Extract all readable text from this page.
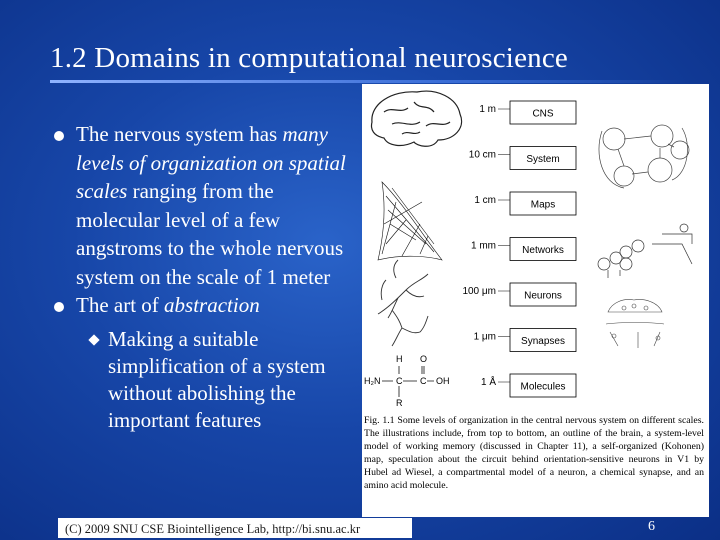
1.2 Domains in computational neuroscience
The nervous system has many levels of organization on spatial scales ranging from the molecular level of a few angstroms to the whole nervous system on the scale of 1 meter
The art of abstraction
Making a suitable simplification of a system without abolishing the important features
CNS
1 m
System
10 cm
Maps
1 cm
Networks
1 mm
Neurons
100 μm
Synapses
1 μm
Molecules
1 Å
H O
H₂N C C OH
R
Fig. 1.1 Some levels of organization in the central nervous system on different scales. The illustrations include, from top to bottom, an outline of the brain, a system-level model of working memory (discussed in Chapter 11), a self-organized (Kohonen) map, speculation about the circuit behind orientation-sensitive neurons in V1 by Hubel ad Wiesel, a compartmental model of a neuron, a chemical synapse, and an amino acid molecule.
(C) 2009 SNU CSE Biointelligence Lab, http://bi.snu.ac.kr	6
